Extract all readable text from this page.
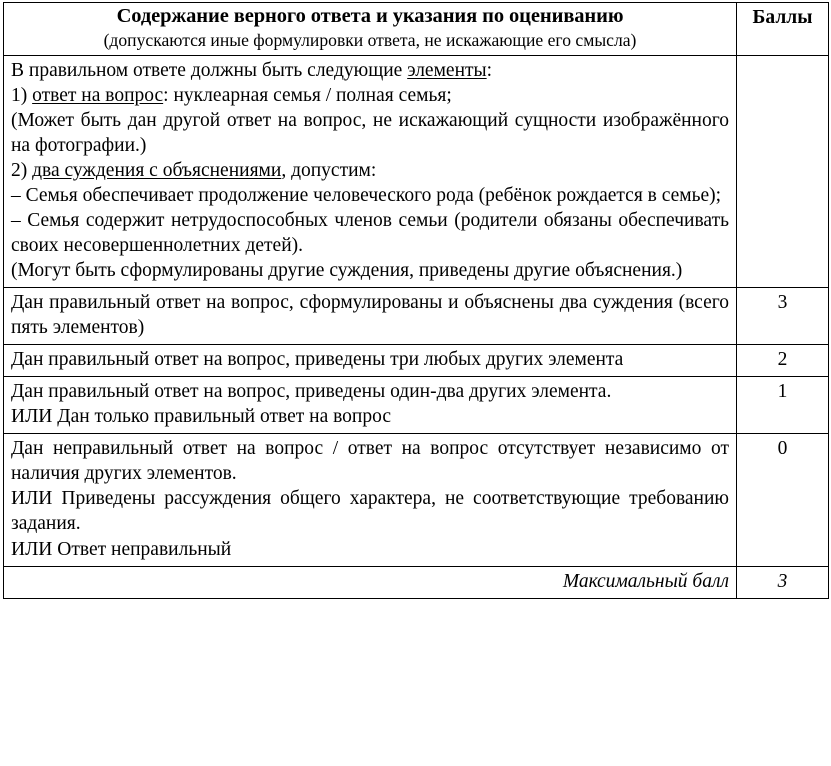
Содержание верного ответа и указания по оцениванию
(допускаются иные формулировки ответа, не искажающие его смысла)	Баллы

В правильном ответе должны быть следующие элементы:

1) ответ на вопрос: нуклеарная семья / полная семья;

(Может быть дан другой ответ на вопрос, не искажающий сущности изображённого на фотографии.)

2) два суждения с объяснениями, допустим:

– Семья обеспечивает продолжение человеческого рода (ребёнок рождается в семье);

– Семья содержит нетрудоспособных членов семьи (родители обязаны обеспечивать своих несовершеннолетних детей).

(Могут быть сформулированы другие суждения, приведены другие объяснения.)

Дан правильный ответ на вопрос, сформулированы и объяснены два суждения (всего пять элементов)	3

Дан правильный ответ на вопрос, приведены три любых других элемента	2

Дан правильный ответ на вопрос, приведены один-два других элемента.

ИЛИ Дан только правильный ответ на вопрос	1

Дан неправильный ответ на вопрос / ответ на вопрос отсутствует независимо от наличия других элементов.

ИЛИ Приведены рассуждения общего характера, не соответствующие требованию задания.

ИЛИ Ответ неправильный	0
Максимальный балл	3
